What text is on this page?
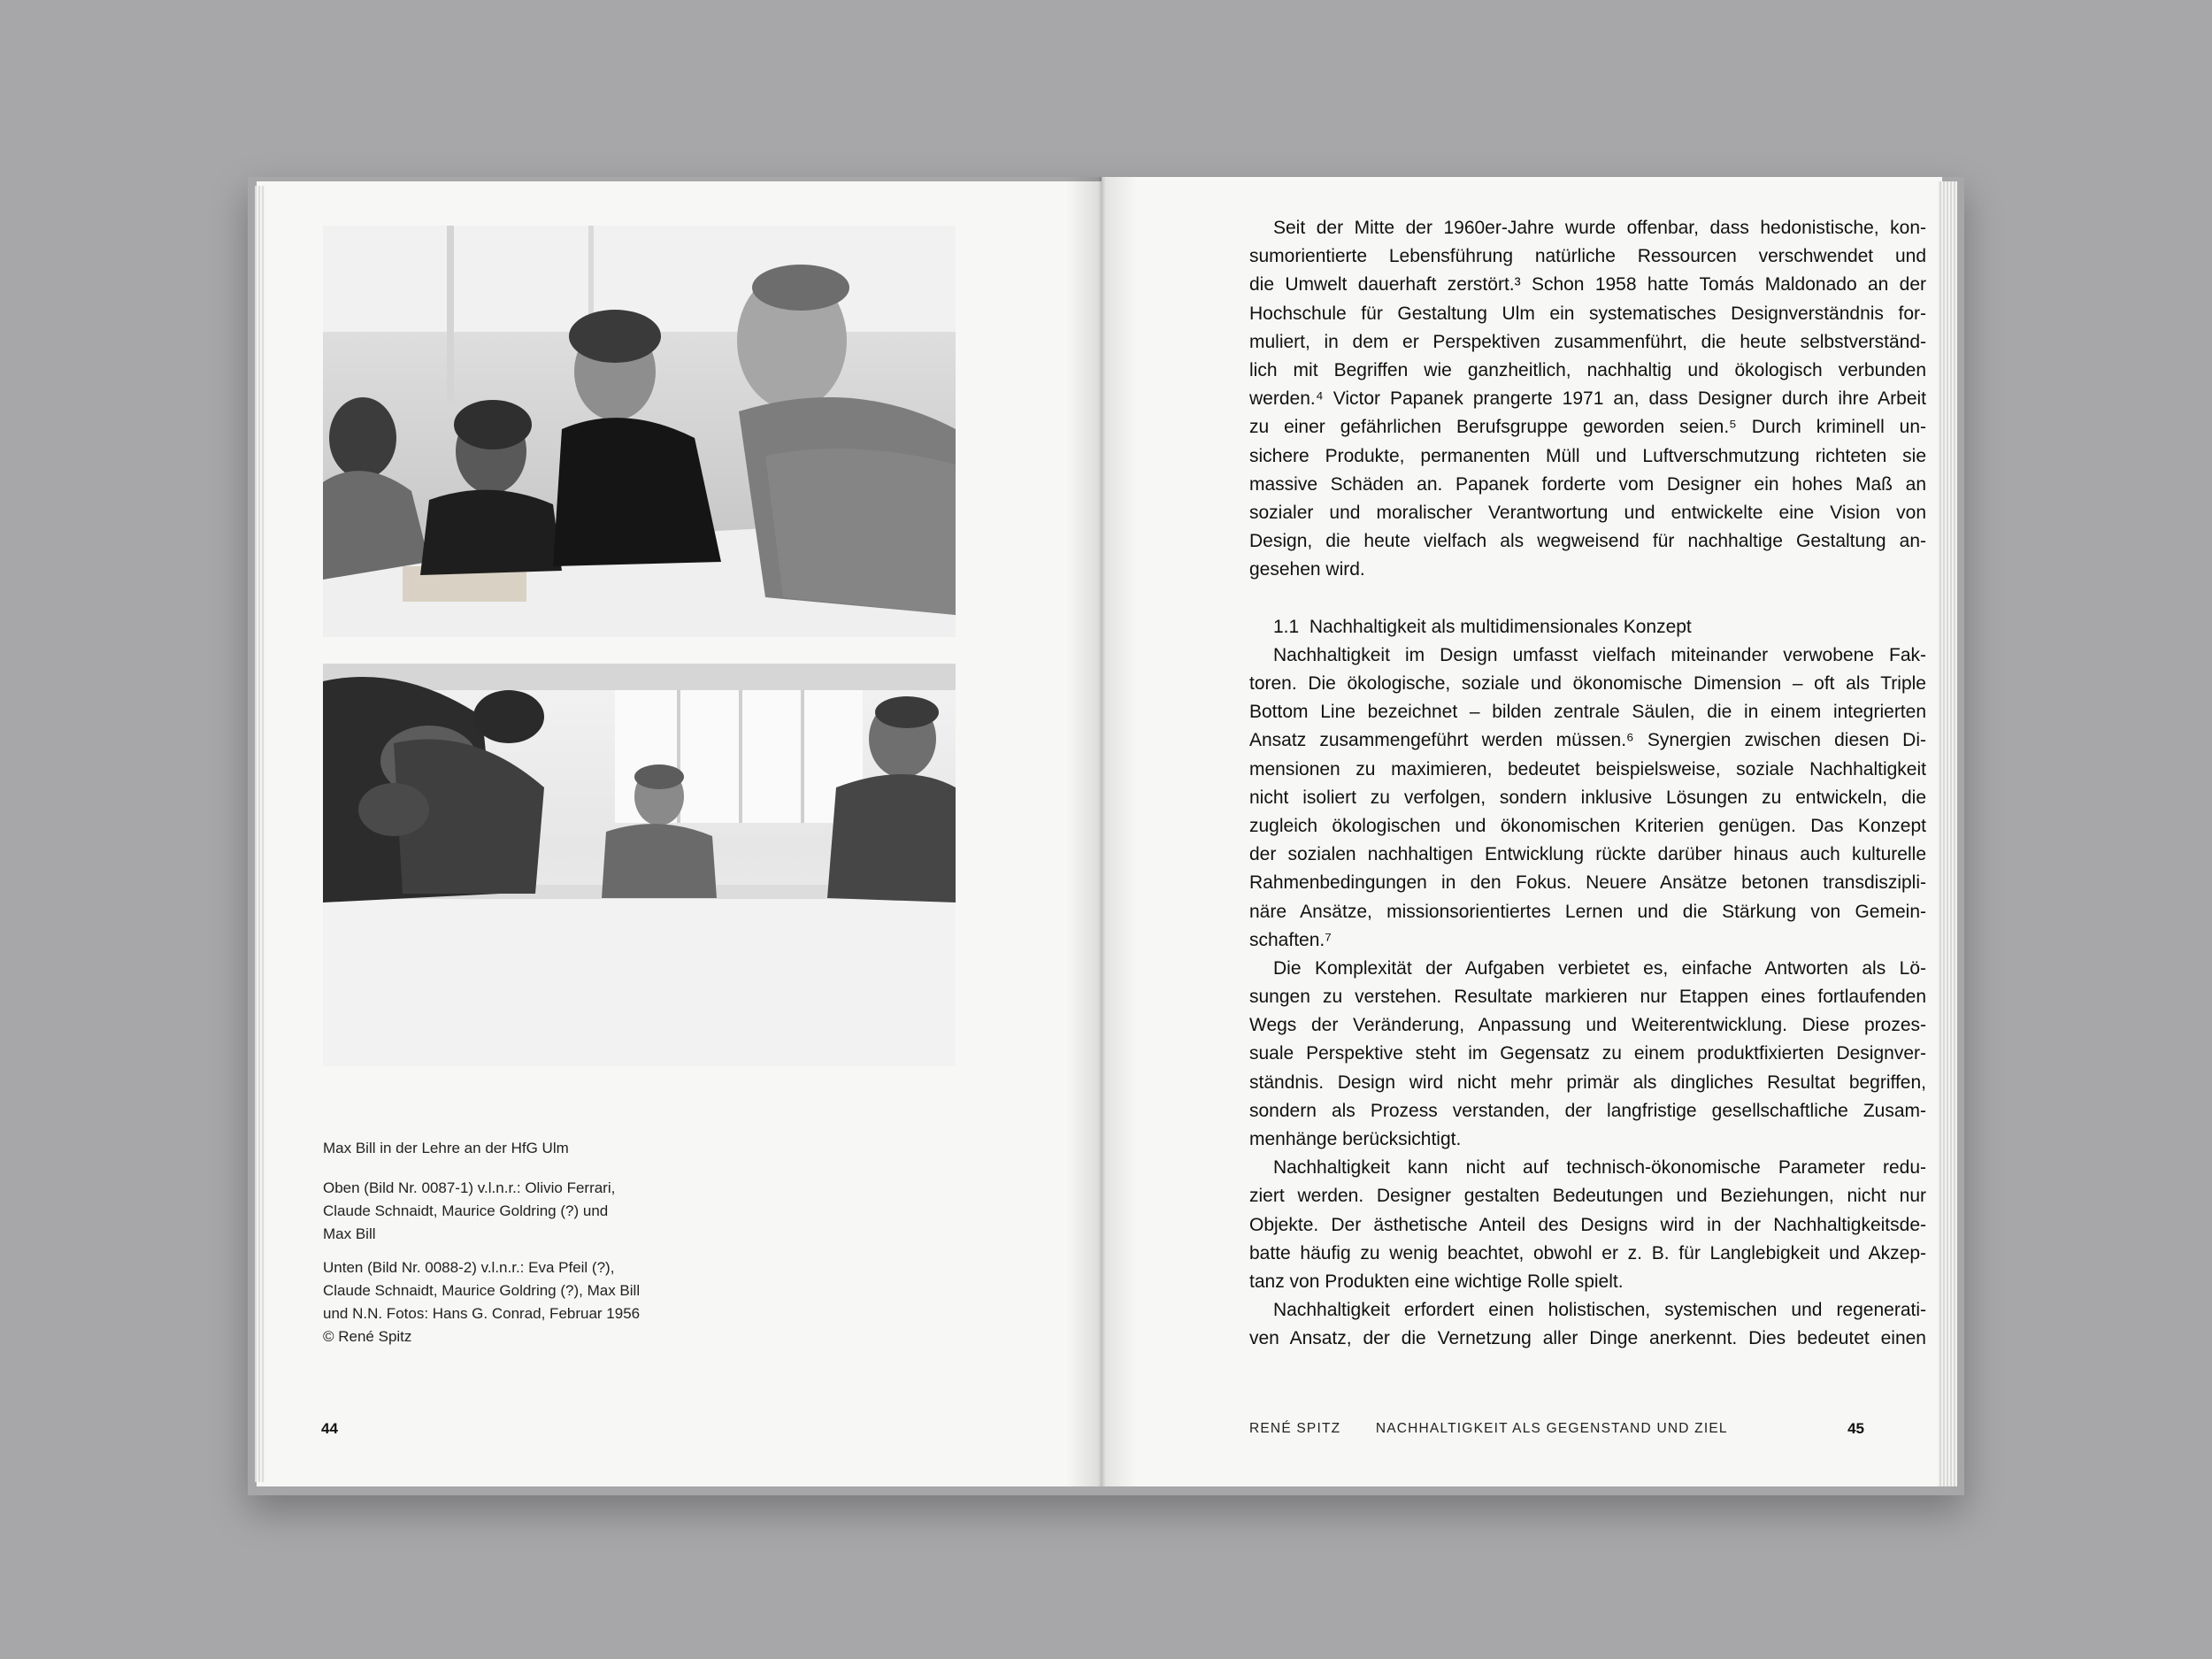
Max Bill in der Lehre an der HfG Ulm
Oben (Bild Nr. 0087-1) v.l.n.r.: Olivio Ferrari,
Claude Schnaidt, Maurice Goldring (?) und
Max Bill
Unten (Bild Nr. 0088-2) v.l.n.r.: Eva Pfeil (?),
Claude Schnaidt, Maurice Goldring (?), Max Bill
und N.N. Fotos: Hans G. Conrad, Februar 1956
© René Spitz
44
Seit der Mitte der 1960er-Jahre wurde offenbar, dass hedonistische, kon-
sumorientierte Lebensführung natürliche Ressourcen verschwendet und
die Umwelt dauerhaft zerstört.³ Schon 1958 hatte Tomás Maldonado an der
Hochschule für Gestaltung Ulm ein systematisches Designverständnis for-
muliert, in dem er Perspektiven zusammenführt, die heute selbstverständ-
lich mit Begriffen wie ganzheitlich, nachhaltig und ökologisch verbunden
werden.⁴ Victor Papanek prangerte 1971 an, dass Designer durch ihre Arbeit
zu einer gefährlichen Berufsgruppe geworden seien.⁵ Durch kriminell un-
sichere Produkte, permanenten Müll und Luftverschmutzung richteten sie
massive Schäden an. Papanek forderte vom Designer ein hohes Maß an
sozialer und moralischer Verantwortung und entwickelte eine Vision von
Design, die heute vielfach als wegweisend für nachhaltige Gestaltung an-
gesehen wird.
1.1  Nachhaltigkeit als multidimensionales Konzept
Nachhaltigkeit im Design umfasst vielfach miteinander verwobene Fak-
toren. Die ökologische, soziale und ökonomische Dimension – oft als Triple
Bottom Line bezeichnet – bilden zentrale Säulen, die in einem integrierten
Ansatz zusammengeführt werden müssen.⁶ Synergien zwischen diesen Di-
mensionen zu maximieren, bedeutet beispielsweise, soziale Nachhaltigkeit
nicht isoliert zu verfolgen, sondern inklusive Lösungen zu entwickeln, die
zugleich ökologischen und ökonomischen Kriterien genügen. Das Konzept
der sozialen nachhaltigen Entwicklung rückte darüber hinaus auch kulturelle
Rahmenbedingungen in den Fokus. Neuere Ansätze betonen transdisziplі-
näre Ansätze, missionsorientiertes Lernen und die Stärkung von Gemein-
schaften.⁷
Die Komplexität der Aufgaben verbietet es, einfache Antworten als Lö-
sungen zu verstehen. Resultate markieren nur Etappen eines fortlaufenden
Wegs der Veränderung, Anpassung und Weiterentwicklung. Diese prozes-
suale Perspektive steht im Gegensatz zu einem produktfixierten Designver-
ständnis. Design wird nicht mehr primär als dingliches Resultat begriffen,
sondern als Prozess verstanden, der langfristige gesellschaftliche Zusam-
menhänge berücksichtigt.
Nachhaltigkeit kann nicht auf technisch-ökonomische Parameter redu-
ziert werden. Designer gestalten Bedeutungen und Beziehungen, nicht nur
Objekte. Der ästhetische Anteil des Designs wird in der Nachhaltigkeitsde-
batte häufig zu wenig beachtet, obwohl er z. B. für Langlebigkeit und Akzep-
tanz von Produkten eine wichtige Rolle spielt.
Nachhaltigkeit erfordert einen holistischen, systemischen und regenerati-
ven Ansatz, der die Vernetzung aller Dinge anerkennt. Dies bedeutet einen
RENÉ SPITZ	NACHHALTIGKEIT ALS GEGENSTAND UND ZIEL	45
